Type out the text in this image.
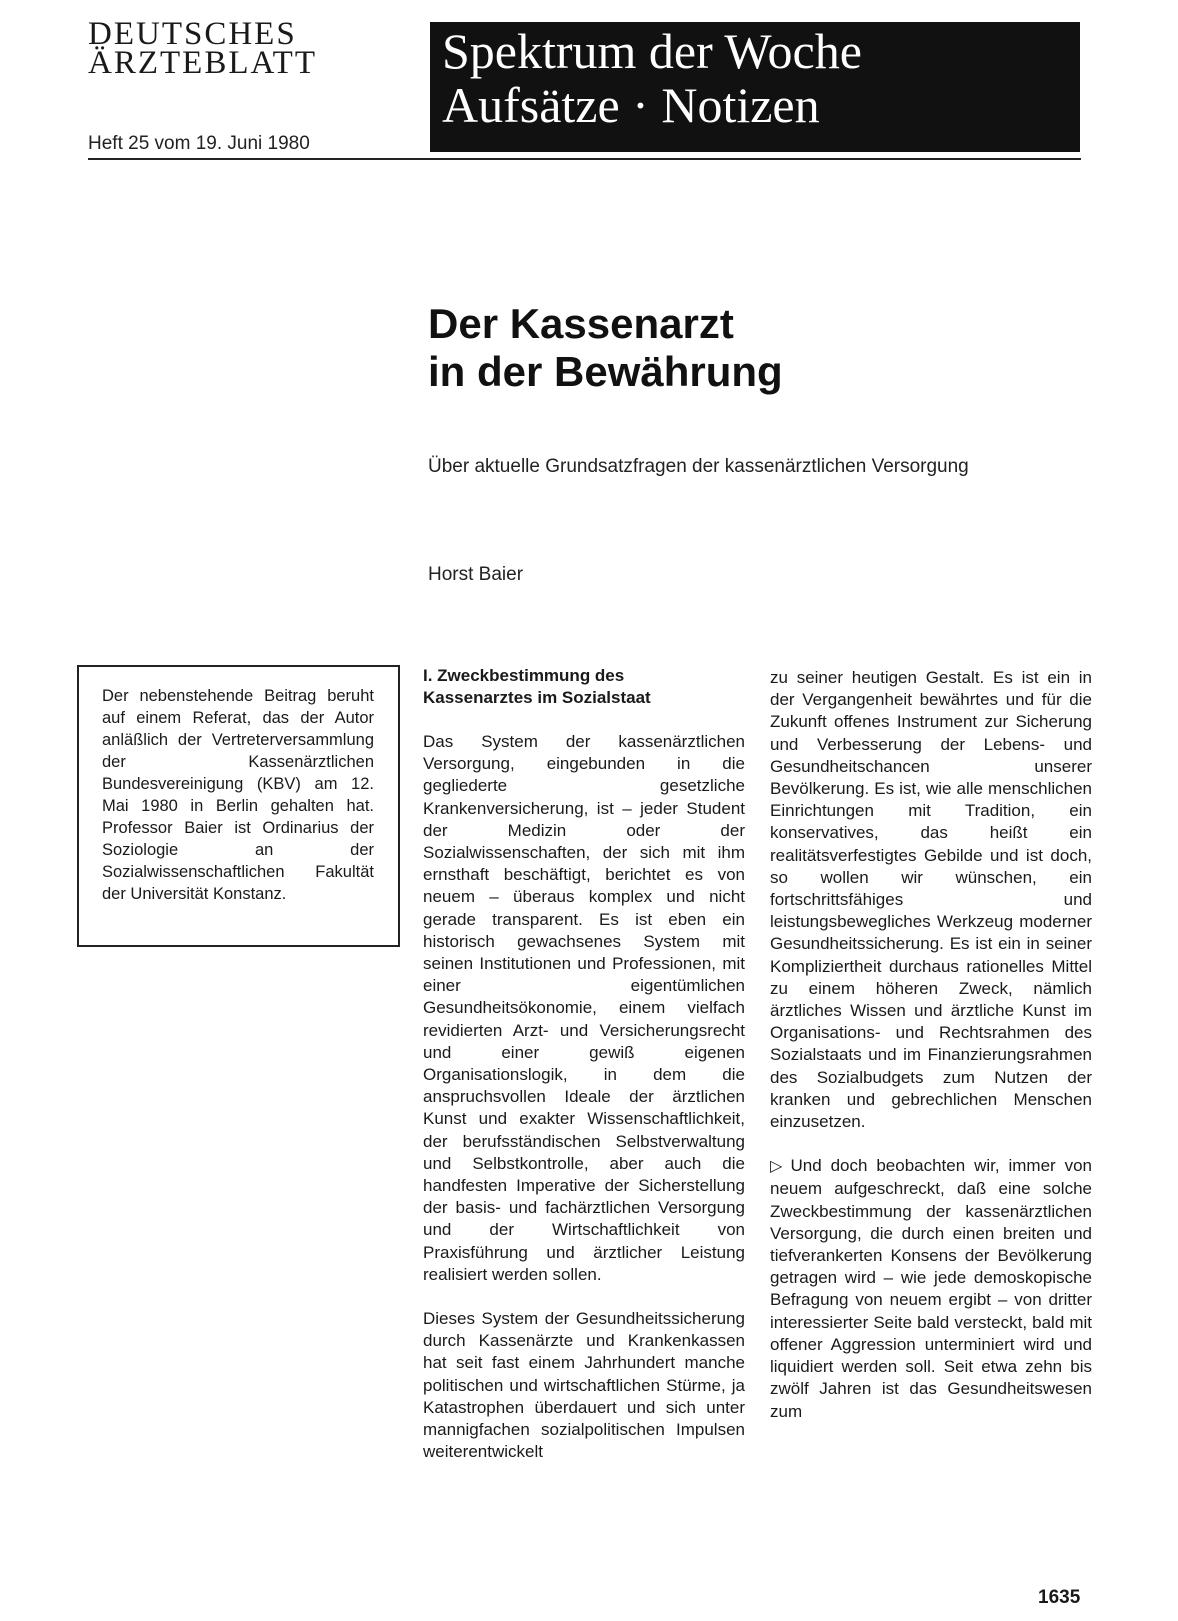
DEUTSCHES
ÄRZTEBLATT
Heft 25 vom 19. Juni 1980
Spektrum der Woche
Aufsätze · Notizen
Der Kassenarzt
in der Bewährung
Über aktuelle Grundsatzfragen der kassenärztlichen Versorgung
Horst Baier
Der nebenstehende Beitrag beruht auf einem Referat, das der Autor anläßlich der Vertreterversammlung der Kassenärztlichen Bundesvereinigung (KBV) am 12. Mai 1980 in Berlin gehalten hat. Professor Baier ist Ordinarius der Soziologie an der Sozialwissenschaftlichen Fakultät der Universität Konstanz.
I. Zweckbestimmung des
Kassenarztes im Sozialstaat

Das System der kassenärztlichen Versorgung, eingebunden in die gegliederte gesetzliche Krankenversicherung, ist – jeder Student der Medizin oder der Sozialwissenschaften, der sich mit ihm ernsthaft beschäftigt, berichtet es von neuem – überaus komplex und nicht gerade transparent. Es ist eben ein historisch gewachsenes System mit seinen Institutionen und Professionen, mit einer eigentümlichen Gesundheitsökonomie, einem vielfach revidierten Arzt- und Versicherungsrecht und einer gewiß eigenen Organisationslogik, in dem die anspruchsvollen Ideale der ärztlichen Kunst und exakter Wissenschaftlichkeit, der berufsständischen Selbstverwaltung und Selbstkontrolle, aber auch die handfesten Imperative der Sicherstellung der basis- und fachärztlichen Versorgung und der Wirtschaftlichkeit von Praxisführung und ärztlicher Leistung realisiert werden sollen.

Dieses System der Gesundheitssicherung durch Kassenärzte und Krankenkassen hat seit fast einem Jahrhundert manche politischen und wirtschaftlichen Stürme, ja Katastrophen überdauert und sich unter mannigfachen sozialpolitischen Impulsen weiterentwickelt

zu seiner heutigen Gestalt. Es ist ein in der Vergangenheit bewährtes und für die Zukunft offenes Instrument zur Sicherung und Verbesserung der Lebens- und Gesundheitschancen unserer Bevölkerung. Es ist, wie alle menschlichen Einrichtungen mit Tradition, ein konservatives, das heißt ein realitätsverfestigtes Gebilde und ist doch, so wollen wir wünschen, ein fortschrittsfähiges und leistungsbewegliches Werkzeug moderner Gesundheitssicherung. Es ist ein in seiner Kompliziertheit durchaus rationelles Mittel zu einem höheren Zweck, nämlich ärztliches Wissen und ärztliche Kunst im Organisations- und Rechtsrahmen des Sozialstaats und im Finanzierungsrahmen des Sozialbudgets zum Nutzen der kranken und gebrechlichen Menschen einzusetzen.

▷ Und doch beobachten wir, immer von neuem aufgeschreckt, daß eine solche Zweckbestimmung der kassenärztlichen Versorgung, die durch einen breiten und tiefverankerten Konsens der Bevölkerung getragen wird – wie jede demoskopische Befragung von neuem ergibt – von dritter interessierter Seite bald versteckt, bald mit offener Aggression unterminiert wird und liquidiert werden soll. Seit etwa zehn bis zwölf Jahren ist das Gesundheitswesen zum

1635
